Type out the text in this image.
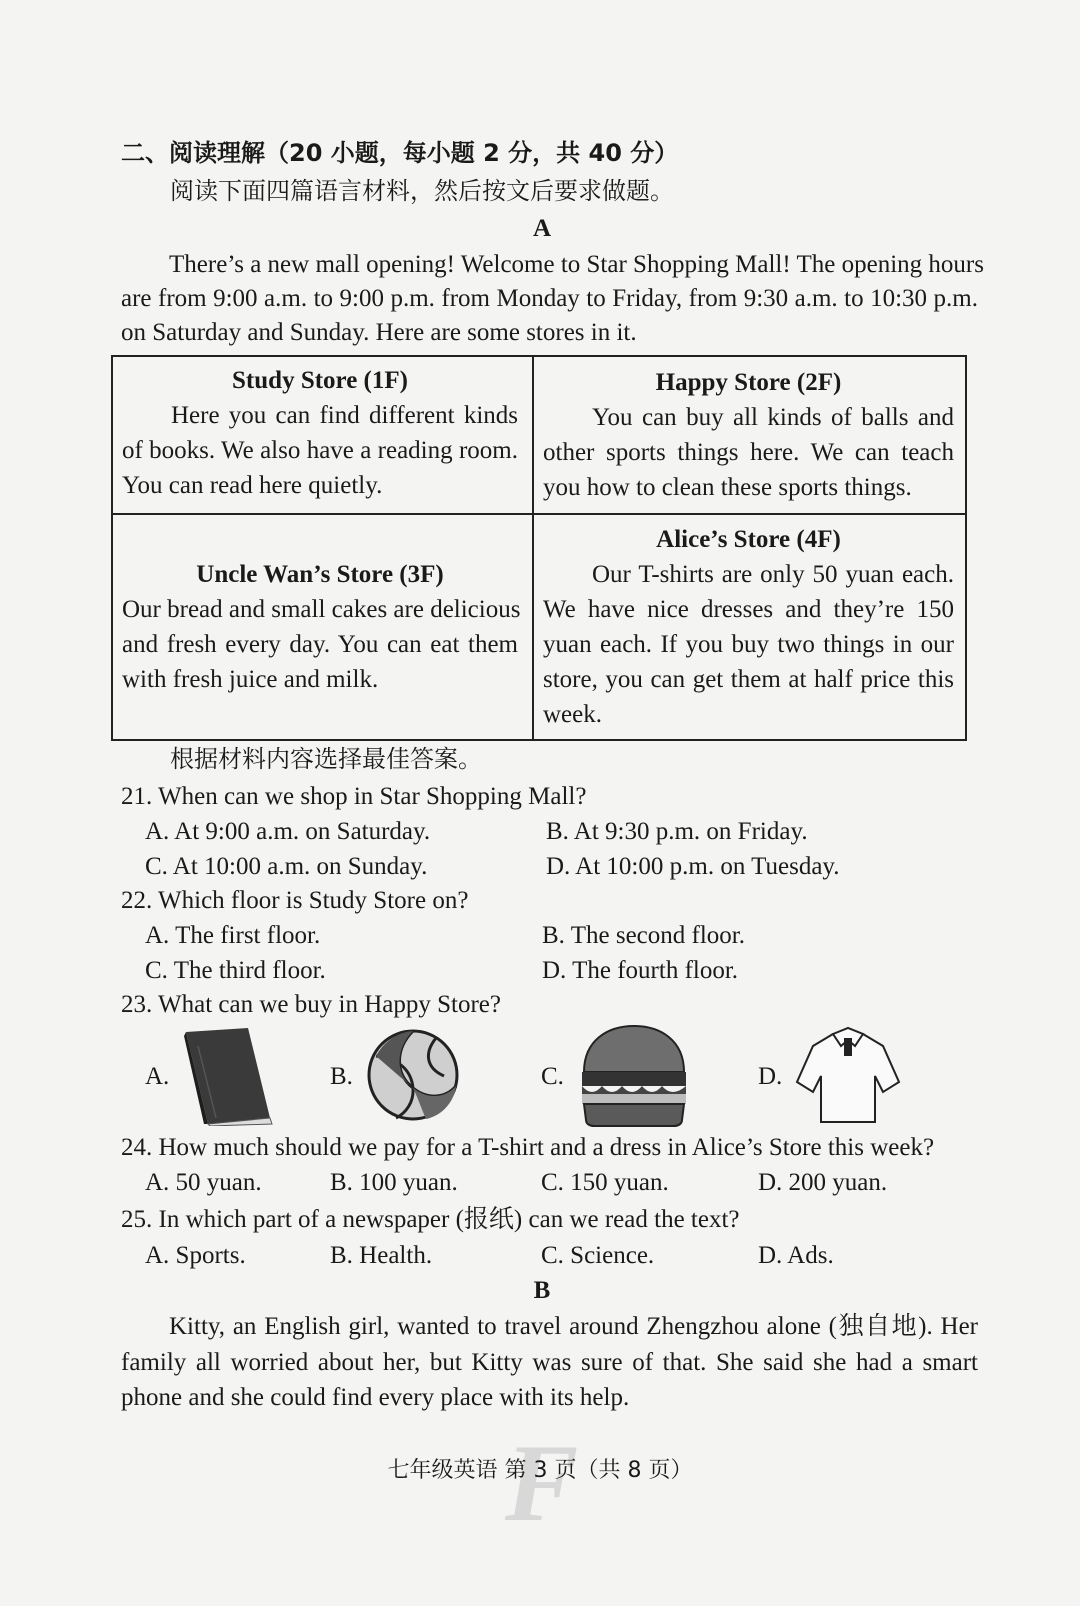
F
二、阅读理解（20 小题，每小题 2 分，共 40 分）
阅读下面四篇语言材料，然后按文后要求做题。
A
There’s a new mall opening! Welcome to Star Shopping Mall! The opening hours
are from 9:00 a.m. to 9:00 p.m. from Monday to Friday, from 9:30 a.m. to 10:30 p.m.
on Saturday and Sunday. Here are some stores in it.
Study Store (1F)
Here you can find different kinds
of books. We also have a reading room.
You can read here quietly.
Happy Store (2F)
You can buy all kinds of balls and
other sports things here. We can teach
you how to clean these sports things.
Uncle Wan’s Store (3F)
Our bread and small cakes are delicious
and fresh every day. You can eat them
with fresh juice and milk.
Alice’s Store (4F)
Our T-shirts are only 50 yuan each.
We have nice dresses and they’re 150
yuan each. If you buy two things in our
store, you can get them at half price this
week.
根据材料内容选择最佳答案。
21. When can we shop in Star Shopping Mall?
A. At 9:00 a.m. on Saturday.	B. At 9:30 p.m. on Friday.
C. At 10:00 a.m. on Sunday.	D. At 10:00 p.m. on Tuesday.
22. Which floor is Study Store on?
A. The first floor.	B. The second floor.
C. The third floor.	D. The fourth floor.
23. What can we buy in Happy Store?
A.	B.	C.	D.
24. How much should we pay for a T-shirt and a dress in Alice’s Store this week?
A. 50 yuan.	B. 100 yuan.	C. 150 yuan.	D. 200 yuan.
25. In which part of a newspaper (报纸) can we read the text?
A. Sports.	B. Health.	C. Science.	D. Ads.
B
Kitty, an English girl, wanted to travel around Zhengzhou alone (独自地). Her
family all worried about her, but Kitty was sure of that. She said she had a smart
phone and she could find every place with its help.
七年级英语 第 3 页（共 8 页）
